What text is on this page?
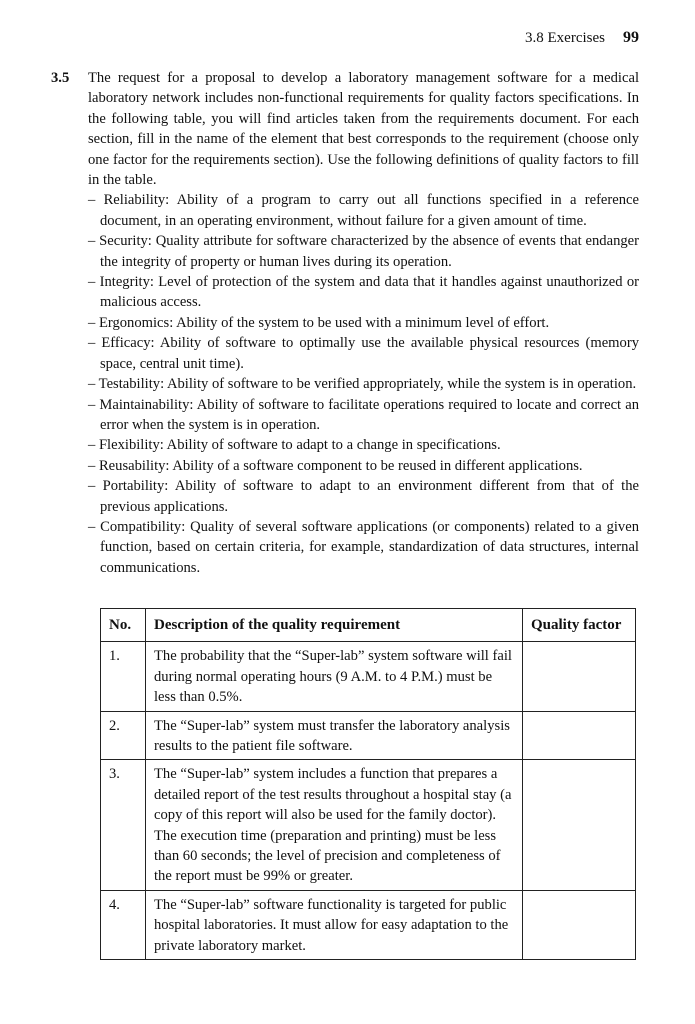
3.8 Exercises 99
3.5 The request for a proposal to develop a laboratory management software for a medical laboratory network includes non-functional requirements for quality factors specifications. In the following table, you will find articles taken from the requirements document. For each section, fill in the name of the element that best corresponds to the requirement (choose only one factor for the requirements section). Use the following definitions of quality factors to fill in the table.

– Reliability: Ability of a program to carry out all functions specified in a reference document, in an operating environment, without failure for a given amount of time.
– Security: Quality attribute for software characterized by the absence of events that endanger the integrity of property or human lives during its operation.
– Integrity: Level of protection of the system and data that it handles against unauthorized or malicious access.
– Ergonomics: Ability of the system to be used with a minimum level of effort.
– Efficacy: Ability of software to optimally use the available physical resources (memory space, central unit time).
– Testability: Ability of software to be verified appropriately, while the system is in operation.
– Maintainability: Ability of software to facilitate operations required to locate and correct an error when the system is in operation.
– Flexibility: Ability of software to adapt to a change in specifications.
– Reusability: Ability of a software component to be reused in different applications.
– Portability: Ability of software to adapt to an environment different from that of the previous applications.
– Compatibility: Quality of several software applications (or components) related to a given function, based on certain criteria, for example, standardization of data structures, internal communications.
No.	Description of the quality requirement	Quality factor
1.	The probability that the “Super-lab” system software will fail during normal operating hours (9 A.M. to 4 P.M.) must be less than 0.5%.	
2.	The “Super-lab” system must transfer the laboratory analysis results to the patient file software.	
3.	The “Super-lab” system includes a function that prepares a detailed report of the test results throughout a hospital stay (a copy of this report will also be used for the family doctor). The execution time (preparation and printing) must be less than 60 seconds; the level of precision and completeness of the report must be 99% or greater.	
4.	The “Super-lab” software functionality is targeted for public hospital laboratories. It must allow for easy adaptation to the private laboratory market.	
